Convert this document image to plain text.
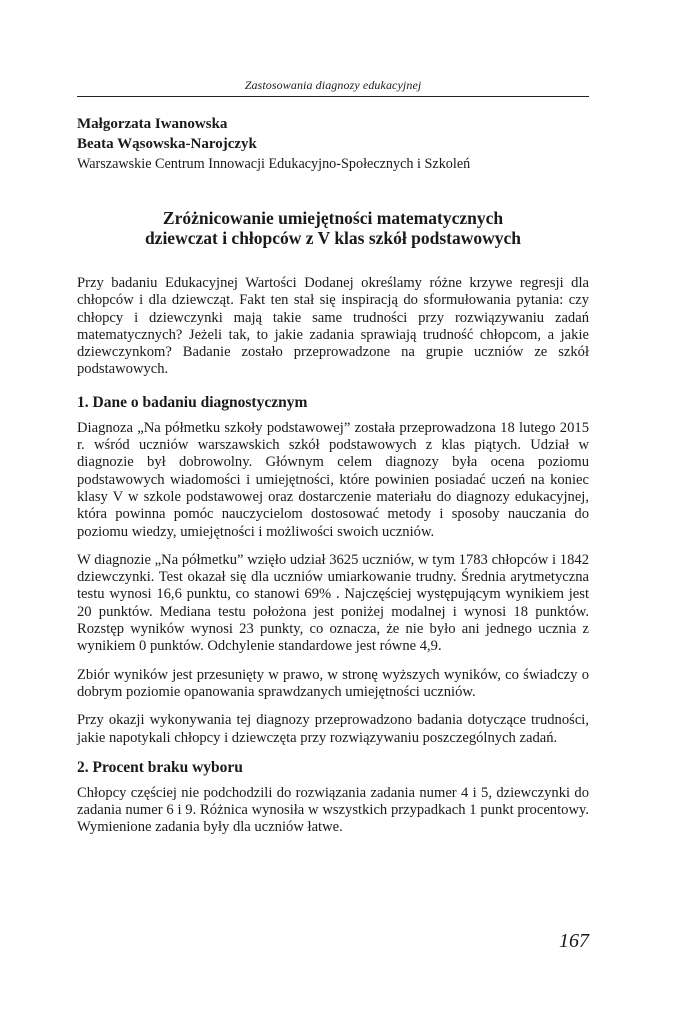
Zastosowania diagnozy edukacyjnej
Małgorzata Iwanowska
Beata Wąsowska-Narojczyk
Warszawskie Centrum Innowacji Edukacyjno-Społecznych i Szkoleń
Zróżnicowanie umiejętności matematycznych
dziewczat i chłopców z V klas szkół podstawowych

Przy badaniu Edukacyjnej Wartości Dodanej określamy różne krzywe regresji dla chłopców i dla dziewcząt. Fakt ten stał się inspiracją do sformułowania pytania: czy chłopcy i dziewczynki mają takie same trudności przy rozwiązywaniu zadań matematycznych? Jeżeli tak, to jakie zadania sprawiają trudność chłopcom, a jakie dziewczynkom? Badanie zostało przeprowadzone na grupie uczniów ze szkół podstawowych.

1. Dane o badaniu diagnostycznym

Diagnoza „Na półmetku szkoły podstawowej” została przeprowadzona 18 lutego 2015 r. wśród uczniów warszawskich szkół podstawowych z klas piątych. Udział w diagnozie był dobrowolny. Głównym celem diagnozy była ocena poziomu podstawowych wiadomości i umiejętności, które powinien posiadać uczeń na koniec klasy V w szkole podstawowej oraz dostarczenie materiału do diagnozy edukacyjnej, która powinna pomóc nauczycielom dostosować metody i sposoby nauczania do poziomu wiedzy, umiejętności i możliwości swoich uczniów.

W diagnozie „Na półmetku” wzięło udział 3625 uczniów, w tym 1783 chłopców i 1842 dziewczynki. Test okazał się dla uczniów umiarkowanie trudny. Średnia arytmetyczna testu wynosi 16,6 punktu, co stanowi 69% . Najczęściej występującym wynikiem jest 20 punktów. Mediana testu położona jest poniżej modalnej i wynosi 18 punktów. Rozstęp wyników wynosi 23 punkty, co oznacza, że nie było ani jednego ucznia z wynikiem 0 punktów. Odchylenie standardowe jest równe 4,9.

Zbiór wyników jest przesunięty w prawo, w stronę wyższych wyników, co świadczy o dobrym poziomie opanowania sprawdzanych umiejętności uczniów.

Przy okazji wykonywania tej diagnozy przeprowadzono badania dotyczące trudności, jakie napotykali chłopcy i dziewczęta przy rozwiązywaniu poszczególnych zadań.

2. Procent braku wyboru

Chłopcy częściej nie podchodzili do rozwiązania zadania numer 4 i 5, dziewczynki do zadania numer 6 i 9. Różnica wynosiła w wszystkich przypadkach 1 punkt procentowy. Wymienione zadania były dla uczniów łatwe.

167
